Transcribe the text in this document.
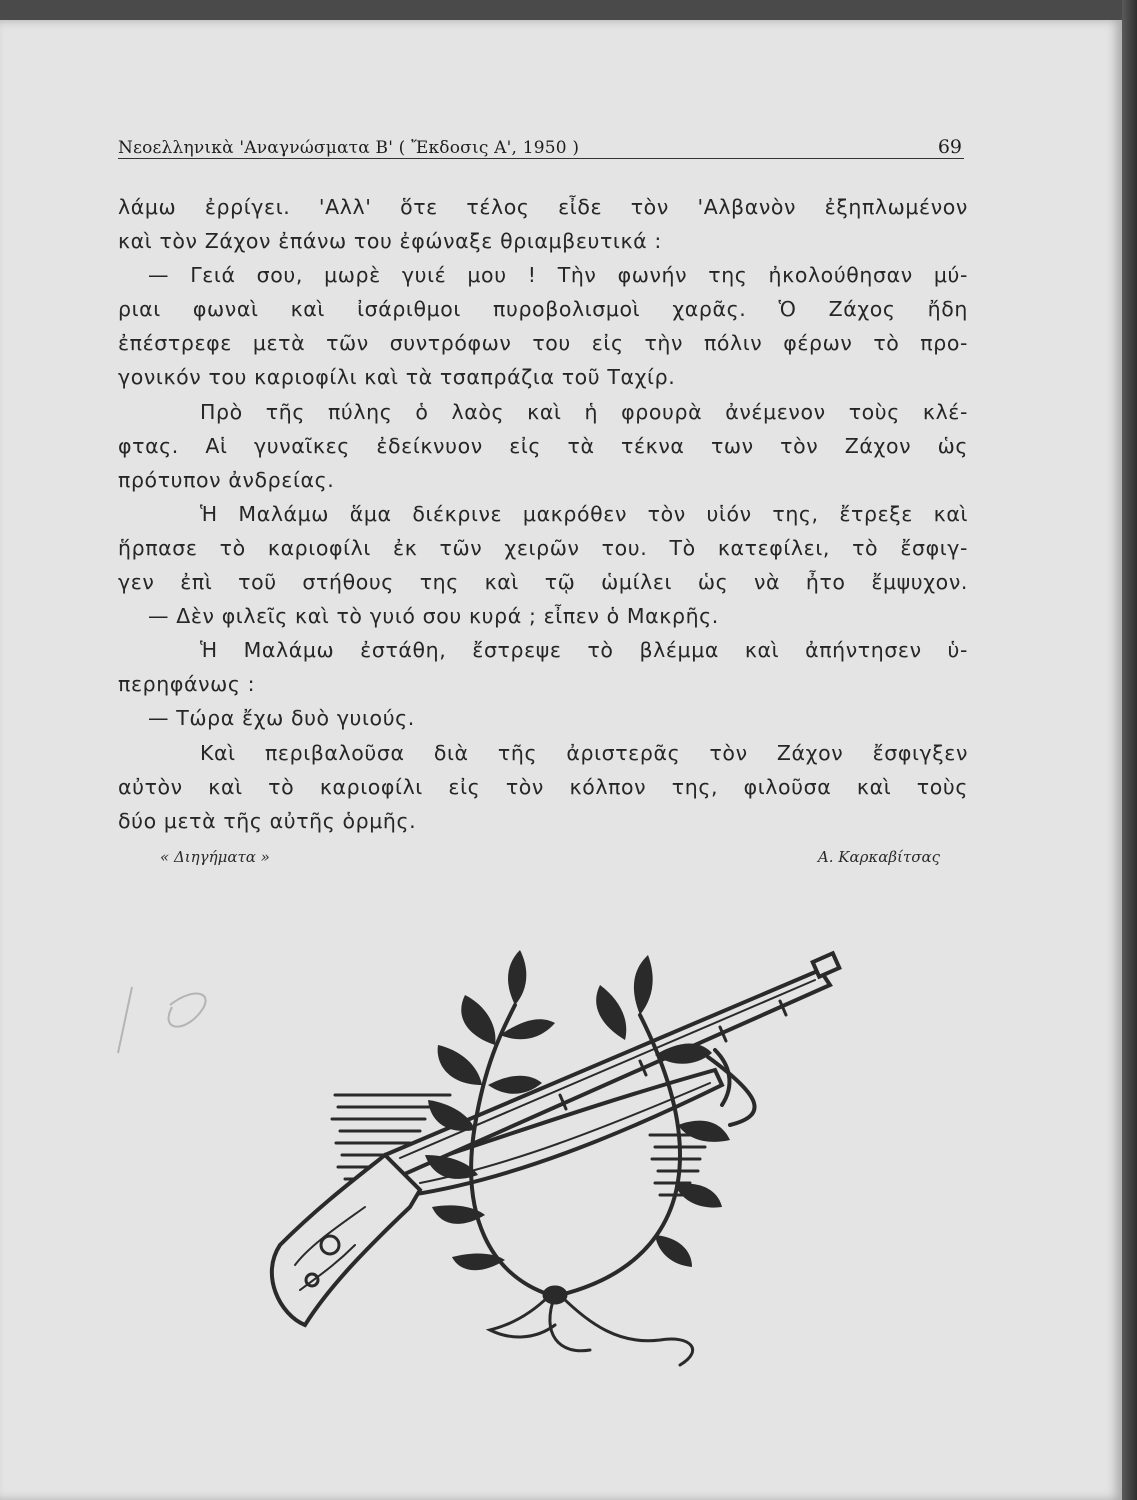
Νεοελληνικὰ 'Αναγνώσματα Β' ( Ἔκδοσις Α', 1950 )	69
λάμω ἐρρίγει. 'Αλλ' ὅτε τέλος εἶδε τὸν 'Αλβανὸν ἐξηπλωμένον
καὶ τὸν Ζάχον ἐπάνω του ἐφώναξε θριαμβευτικά :
— Γειά σου, μωρὲ γυιέ μου ! Τὴν φωνήν της ἠκολούθησαν μύ-
ριαι φωναὶ καὶ ἰσάριθμοι πυροβολισμοὶ χαρᾶς. Ὁ Ζάχος ἤδη
ἐπέστρεφε μετὰ τῶν συντρόφων του εἰς τὴν πόλιν φέρων τὸ προ-
γονικόν του καριοφίλι καὶ τὰ τσαπράζια τοῦ Ταχίρ.
Πρὸ τῆς πύλης ὁ λαὸς καὶ ἡ φρουρὰ ἀνέμενον τοὺς κλέ-
φτας. Αἱ γυναῖκες ἐδείκνυον εἰς τὰ τέκνα των τὸν Ζάχον ὡς
πρότυπον ἀνδρείας.
Ἡ Μαλάμω ἅμα διέκρινε μακρόθεν τὸν υἱόν της, ἔτρεξε καὶ
ἥρπασε τὸ καριοφίλι ἐκ τῶν χειρῶν του. Τὸ κατεφίλει, τὸ ἔσφιγ-
γεν ἐπὶ τοῦ στήθους της καὶ τῷ ὡμίλει ὡς νὰ ἦτο ἔμψυχον.
— Δὲν φιλεῖς καὶ τὸ γυιό σου κυρά ; εἶπεν ὁ Μακρῆς.
Ἡ Μαλάμω ἐστάθη, ἔστρεψε τὸ βλέμμα καὶ ἀπήντησεν ὑ-
περηφάνως :
— Τώρα ἔχω δυὸ γυιούς.
Καὶ περιβαλοῦσα διὰ τῆς ἀριστερᾶς τὸν Ζάχον ἔσφιγξεν
αὐτὸν καὶ τὸ καριοφίλι εἰς τὸν κόλπον της, φιλοῦσα καὶ τοὺς
δύο μετὰ τῆς αὐτῆς ὁρμῆς.
« Διηγήματα »	Α. Καρκαβίτσας
